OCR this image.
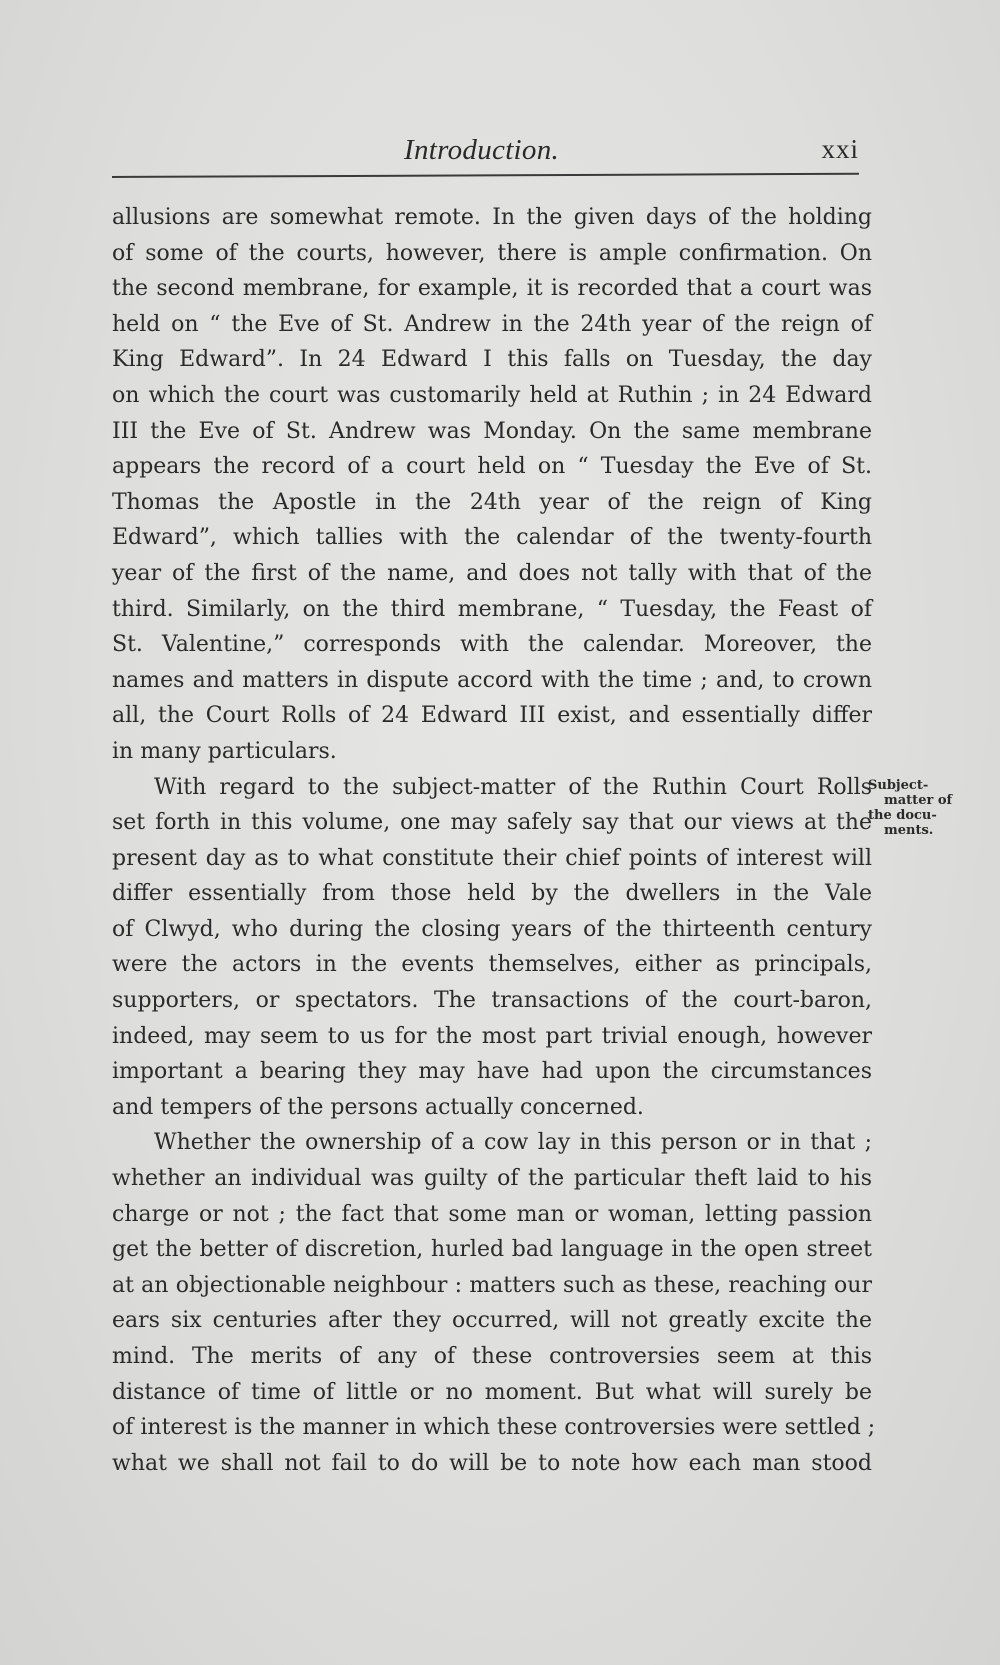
Introduction.	xxi
allusions are somewhat remote. In the given days of the holding
of some of the courts, however, there is ample confirmation. On
the second membrane, for example, it is recorded that a court was
held on “ the Eve of St. Andrew in the 24th year of the reign of
King Edward”. In 24 Edward I this falls on Tuesday, the day
on which the court was customarily held at Ruthin ; in 24 Edward
III the Eve of St. Andrew was Monday. On the same membrane
appears the record of a court held on “ Tuesday the Eve of St.
Thomas the Apostle in the 24th year of the reign of King
Edward”, which tallies with the calendar of the twenty-fourth
year of the first of the name, and does not tally with that of the
third. Similarly, on the third membrane, “ Tuesday, the Feast of
St. Valentine,” corresponds with the calendar. Moreover, the
names and matters in dispute accord with the time ; and, to crown
all, the Court Rolls of 24 Edward III exist, and essentially differ
in many particulars.
With regard to the subject-matter of the Ruthin Court Rolls
set forth in this volume, one may safely say that our views at the
present day as to what constitute their chief points of interest will
differ essentially from those held by the dwellers in the Vale
of Clwyd, who during the closing years of the thirteenth century
were the actors in the events themselves, either as principals,
supporters, or spectators. The transactions of the court-baron,
indeed, may seem to us for the most part trivial enough, however
important a bearing they may have had upon the circumstances
and tempers of the persons actually concerned.
Whether the ownership of a cow lay in this person or in that ;
whether an individual was guilty of the particular theft laid to his
charge or not ; the fact that some man or woman, letting passion
get the better of discretion, hurled bad language in the open street
at an objectionable neighbour : matters such as these, reaching our
ears six centuries after they occurred, will not greatly excite the
mind. The merits of any of these controversies seem at this
distance of time of little or no moment. But what will surely be
of interest is the manner in which these controversies were settled ;
what we shall not fail to do will be to note how each man stood
Subject-
matter of
the docu-
ments.
